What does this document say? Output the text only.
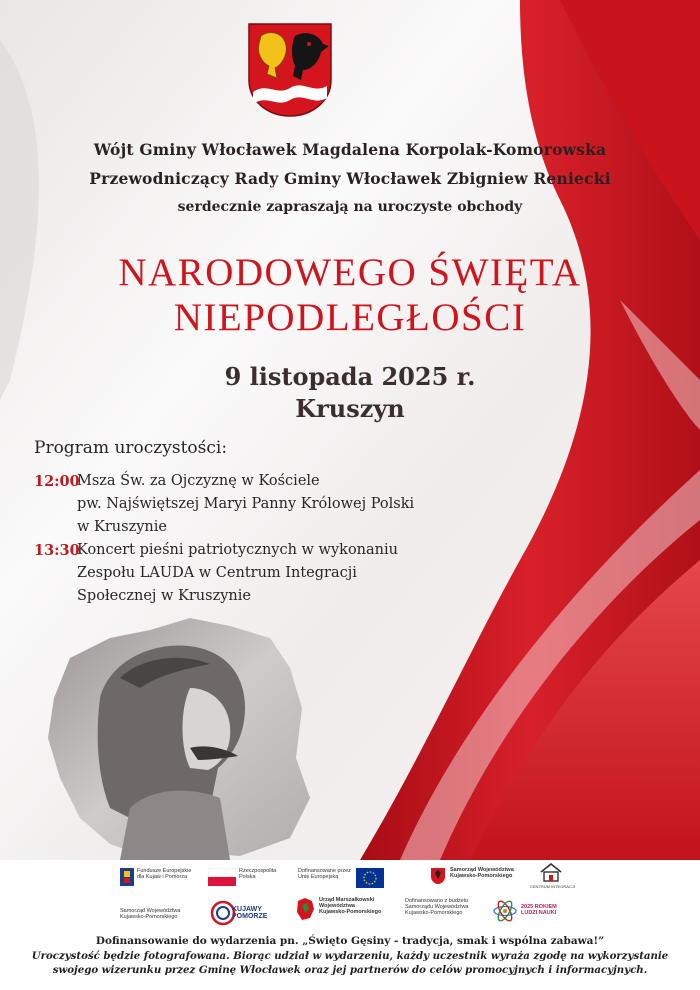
Wójt Gminy Włocławek Magdalena Korpolak-Komorowska
Przewodniczący Rady Gminy Włocławek Zbigniew Reniecki
serdecznie zapraszają na uroczyste obchody
NARODOWEGO ŚWIĘTA
NIEPODLEGŁOŚCI
9 listopada 2025 r.
Kruszyn
Program uroczystości:
12:00
Msza Św. za Ojczyznę w Kościele
pw. Najświętszej Maryi Panny Królowej Polski
w Kruszynie
13:30
Koncert pieśni patriotycznych w wykonaniu
Zespołu LAUDA w Centrum Integracji
Społecznej w Kruszynie
Fundusze Europejskie
dla Kujaw i Pomorza
Rzeczpospolita
Polska
Dofinansowane przez
Unię Europejską
Samorząd Województwa
Kujawsko-Pomorskiego
CENTRUM INTEGRACJI
Samorząd Województwa
Kujawsko-Pomorskiego
KUJAWY
POMORZE
Urząd Marszałkowski
Województwa
Kujawsko-Pomorskiego
Dofinansowano z budżetu
Samorządu Województwa
Kujawsko-Pomorskiego
2025 ROKIEM
LUDZI NAUKI
Dofinansowanie do wydarzenia pn. „Święto Gęsiny - tradycja, smak i wspólna zabawa!”
Uroczystość będzie fotografowana. Biorąc udział w wydarzeniu, każdy uczestnik wyraża zgodę na wykorzystanie
swojego wizerunku przez Gminę Włocławek oraz jej partnerów do celów promocyjnych i informacyjnych.
